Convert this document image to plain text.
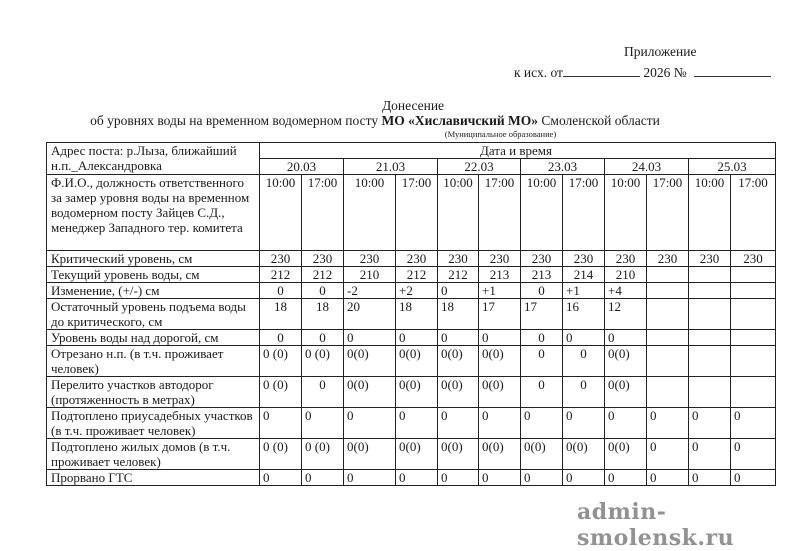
Приложение
к исх. от	2026 №
Донесение
об уровнях воды на временном водомерном посту МО «Хиславичский МО» Смоленской области
(Муниципальное образование)
Адрес поста: р.Лыза, ближайший н.п._Александровка	Дата и время											
	20.03		21.03		22.03		23.03		24.03		25.03	
Ф.И.О., должность ответственного за замер уровня воды на временном водомерном посту Зайцев С.Д., менеджер Западного тер. комитета	10:00	17:00	10:00	17:00	10:00	17:00	10:00	17:00	10:00	17:00	10:00	17:00
Критический уровень, см	230	230	230	230	230	230	230	230	230	230	230	230
Текущий уровень воды, см	212	212	210	212	212	213	213	214	210			
Изменение, (+/-) см	0	0	-2	+2	0	+1	0	+1	+4			
Остаточный уровень подъема воды до критического, см	18	18	20	18	18	17	17	16	12			
Уровень воды над дорогой, см	0	0	0	0	0	0	0	0	0			
Отрезано н.п. (в т.ч. проживает человек)	0 (0)	0 (0)	0(0)	0(0)	0(0)	0(0)	0	0	0(0)			
Перелито участков автодорог (протяженность в метрах)	0 (0)	0	0(0)	0(0)	0(0)	0(0)	0	0	0(0)			
Подтоплено приусадебных участков (в т.ч. проживает человек)	0	0	0	0	0	0	0	0	0	0	0	0
Подтоплено жилых домов (в т.ч. проживает человек)	0 (0)	0 (0)	0(0)	0(0)	0(0)	0(0)	0(0)	0(0)	0(0)	0	0	0
Прорвано ГТС	0	0	0	0	0	0	0	0	0	0	0	0
admin-smolensk.ru
